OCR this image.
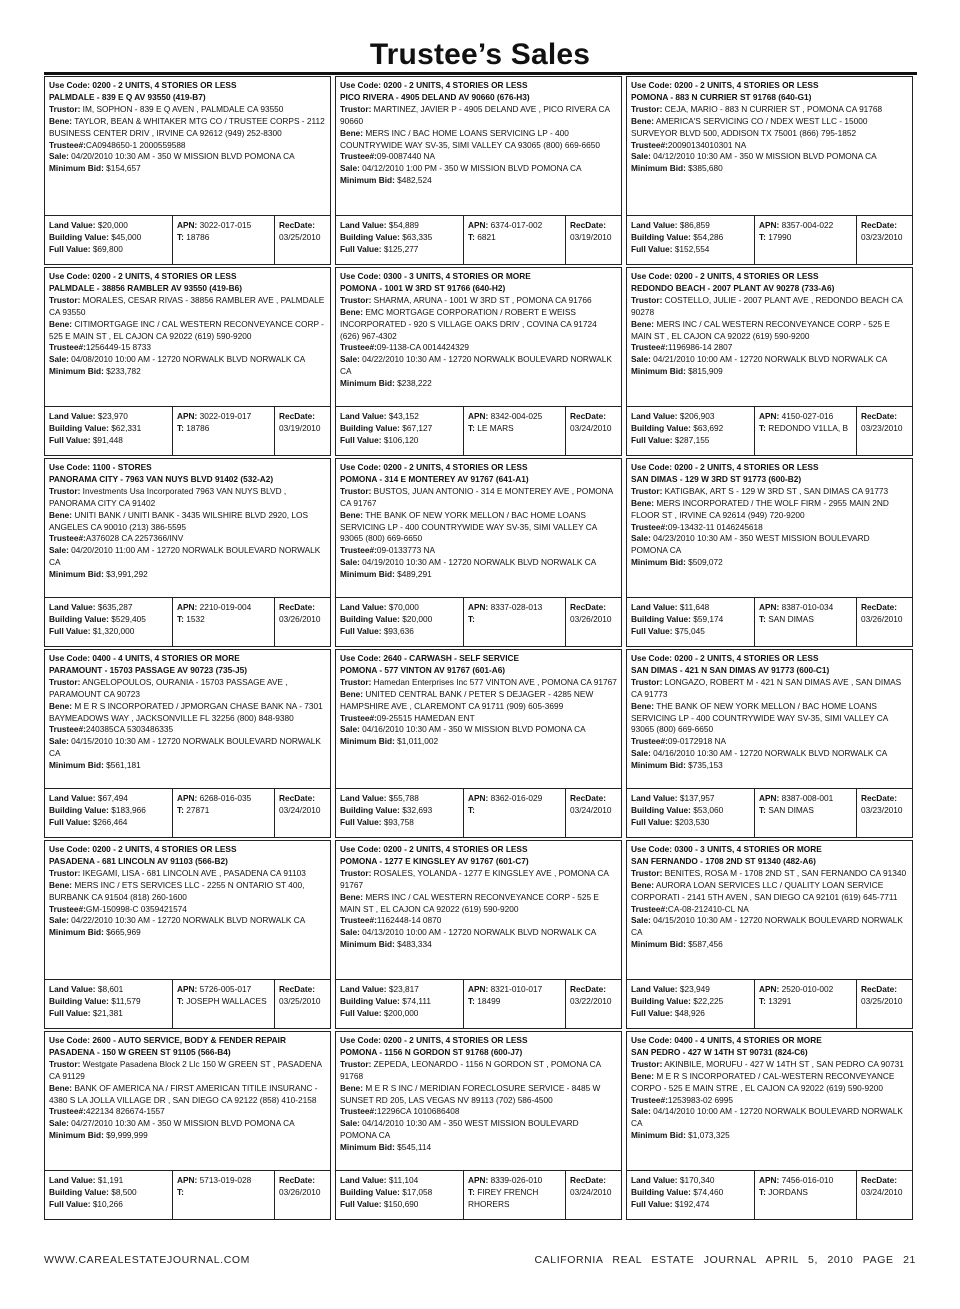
Trustee’s Sales
Use Code: 0200 - 2 UNITS, 4 STORIES OR LESS
PALMDALE - 839 E Q AV 93550 (419-B7)
Trustor: IM, SOPHON - 839 E Q AVEN , PALMDALE CA 93550
Bene: TAYLOR, BEAN & WHITAKER MTG CO / TRUSTEE CORPS - 2112 BUSINESS CENTER DRIV , IRVINE CA 92612 (949) 252-8300
Trustee#:CA0948650-1 2000559588
Sale: 04/20/2010 10:30 AM - 350 W MISSION BLVD POMONA CA
Minimum Bid: $154,657
Land Value: $20,000
Building Value: $45,000
Full Value: $69,800
APN: 3022-017-015
T: 18786
RecDate:
03/25/2010
Use Code: 0200 - 2 UNITS, 4 STORIES OR LESS
PICO RIVERA - 4905 DELAND AV 90660 (676-H3)
Trustor: MARTINEZ, JAVIER P - 4905 DELAND AVE , PICO RIVERA CA 90660
Bene: MERS INC / BAC HOME LOANS SERVICING LP - 400 COUNTRYWIDE WAY SV-35, SIMI VALLEY CA 93065 (800) 669-6650
Trustee#:09-0087440 NA
Sale: 04/12/2010 1:00 PM - 350 W MISSION BLVD POMONA CA
Minimum Bid: $482,524
Land Value: $54,889
Building Value: $63,335
Full Value: $125,277
APN: 6374-017-002
T: 6821
RecDate:
03/19/2010
Use Code: 0200 - 2 UNITS, 4 STORIES OR LESS
POMONA - 883 N CURRIER ST 91768 (640-G1)
Trustor: CEJA, MARIO - 883 N CURRIER ST , POMONA CA 91768
Bene: AMERICA'S SERVICING CO / NDEX WEST LLC - 15000 SURVEYOR BLVD 500, ADDISON TX 75001 (866) 795-1852
Trustee#:20090134010301 NA
Sale: 04/12/2010 10:30 AM - 350 W MISSION BLVD POMONA CA
Minimum Bid: $385,680
Land Value: $86,859
Building Value: $54,286
Full Value: $152,554
APN: 8357-004-022
T: 17990
RecDate:
03/23/2010
Use Code: 0200 - 2 UNITS, 4 STORIES OR LESS
PALMDALE - 38856 RAMBLER AV 93550 (419-B6)
Trustor: MORALES, CESAR RIVAS - 38856 RAMBLER AVE , PALMDALE CA 93550
Bene: CITIMORTGAGE INC / CAL WESTERN RECONVEYANCE CORP - 525 E MAIN ST , EL CAJON CA 92022 (619) 590-9200
Trustee#:1256449-15 8733
Sale: 04/08/2010 10:00 AM - 12720 NORWALK BLVD NORWALK CA
Minimum Bid: $233,782
Land Value: $23,970
Building Value: $62,331
Full Value: $91,448
APN: 3022-019-017
T: 18786
RecDate:
03/19/2010
Use Code: 0300 - 3 UNITS, 4 STORIES OR MORE
POMONA - 1001 W 3RD ST 91766 (640-H2)
Trustor: SHARMA, ARUNA - 1001 W 3RD ST , POMONA CA 91766
Bene: EMC MORTGAGE CORPORATION / ROBERT E WEISS INCORPORATED - 920 S VILLAGE OAKS DRIV , COVINA CA 91724 (626) 967-4302
Trustee#:09-1138-CA 0014424329
Sale: 04/22/2010 10:30 AM - 12720 NORWALK BOULEVARD NORWALK CA
Minimum Bid: $238,222
Land Value: $43,152
Building Value: $67,127
Full Value: $106,120
APN: 8342-004-025
T: LE MARS
RecDate:
03/24/2010
Use Code: 0200 - 2 UNITS, 4 STORIES OR LESS
REDONDO BEACH - 2007 PLANT AV 90278 (733-A6)
Trustor: COSTELLO, JULIE - 2007 PLANT AVE , REDONDO BEACH CA 90278
Bene: MERS INC / CAL WESTERN RECONVEYANCE CORP - 525 E MAIN ST , EL CAJON CA 92022 (619) 590-9200
Trustee#:1196986-14 2807
Sale: 04/21/2010 10:00 AM - 12720 NORWALK BLVD NORWALK CA
Minimum Bid: $815,909
Land Value: $206,903
Building Value: $63,692
Full Value: $287,155
APN: 4150-027-016
T: REDONDO V1LLA, B
RecDate:
03/23/2010
Use Code: 1100 - STORES
PANORAMA CITY - 7963 VAN NUYS BLVD 91402 (532-A2)
Trustor: Investments Usa Incorporated 7963 VAN NUYS BLVD , PANORAMA CITY CA 91402
Bene: UNITI BANK / UNITI BANK - 3435 WILSHIRE BLVD 2920, LOS ANGELES CA 90010 (213) 386-5595
Trustee#:A376028 CA 2257366/INV
Sale: 04/20/2010 11:00 AM - 12720 NORWALK BOULEVARD NORWALK CA
Minimum Bid: $3,991,292
Land Value: $635,287
Building Value: $529,405
Full Value: $1,320,000
APN: 2210-019-004
T: 1532
RecDate:
03/26/2010
Use Code: 0200 - 2 UNITS, 4 STORIES OR LESS
POMONA - 314 E MONTEREY AV 91767 (641-A1)
Trustor: BUSTOS, JUAN ANTONIO - 314 E MONTEREY AVE , POMONA CA 91767
Bene: THE BANK OF NEW YORK MELLON / BAC HOME LOANS SERVICING LP - 400 COUNTRYWIDE WAY SV-35, SIMI VALLEY CA 93065 (800) 669-6650
Trustee#:09-0133773 NA
Sale: 04/19/2010 10:30 AM - 12720 NORWALK BLVD NORWALK CA
Minimum Bid: $489,291
Land Value: $70,000
Building Value: $20,000
Full Value: $93,636
APN: 8337-028-013
T:
RecDate:
03/26/2010
Use Code: 0200 - 2 UNITS, 4 STORIES OR LESS
SAN DIMAS - 129 W 3RD ST 91773 (600-B2)
Trustor: KATIGBAK, ART S - 129 W 3RD ST , SAN DIMAS CA 91773
Bene: MERS INCORPORATED / THE WOLF FIRM - 2955 MAIN 2ND FLOOR ST , IRVINE CA 92614 (949) 720-9200
Trustee#:09-13432-11 0146245618
Sale: 04/23/2010 10:30 AM - 350 WEST MISSION BOULEVARD POMONA CA
Minimum Bid: $509,072
Land Value: $11,648
Building Value: $59,174
Full Value: $75,045
APN: 8387-010-034
T: SAN DIMAS
RecDate:
03/26/2010
Use Code: 0400 - 4 UNITS, 4 STORIES OR MORE
PARAMOUNT - 15703 PASSAGE AV 90723 (735-J5)
Trustor: ANGELOPOULOS, OURANIA - 15703 PASSAGE AVE , PARAMOUNT CA 90723
Bene: M E R S INCORPORATED / JPMORGAN CHASE BANK NA - 7301 BAYMEADOWS WAY , JACKSONVILLE FL 32256 (800) 848-9380
Trustee#:240385CA 5303486335
Sale: 04/15/2010 10:30 AM - 12720 NORWALK BOULEVARD NORWALK CA
Minimum Bid: $561,181
Land Value: $67,494
Building Value: $183,966
Full Value: $266,464
APN: 6268-016-035
T: 27871
RecDate:
03/24/2010
Use Code: 2640 - CARWASH - SELF SERVICE
POMONA - 577 VINTON AV 91767 (601-A6)
Trustor: Hamedan Enterprises Inc 577 VINTON AVE , POMONA CA 91767
Bene: UNITED CENTRAL BANK / PETER S DEJAGER - 4285 NEW HAMPSHIRE AVE , CLAREMONT CA 91711 (909) 605-3699
Trustee#:09-25515 HAMEDAN ENT
Sale: 04/16/2010 10:30 AM - 350 W MISSION BLVD POMONA CA
Minimum Bid: $1,011,002
Land Value: $55,788
Building Value: $32,693
Full Value: $93,758
APN: 8362-016-029
T:
RecDate:
03/24/2010
Use Code: 0200 - 2 UNITS, 4 STORIES OR LESS
SAN DIMAS - 421 N SAN DIMAS AV 91773 (600-C1)
Trustor: LONGAZO, ROBERT M - 421 N SAN DIMAS AVE , SAN DIMAS CA 91773
Bene: THE BANK OF NEW YORK MELLON / BAC HOME LOANS SERVICING LP - 400 COUNTRYWIDE WAY SV-35, SIMI VALLEY CA 93065 (800) 669-6650
Trustee#:09-0172918 NA
Sale: 04/16/2010 10:30 AM - 12720 NORWALK BLVD NORWALK CA
Minimum Bid: $735,153
Land Value: $137,957
Building Value: $53,060
Full Value: $203,530
APN: 8387-008-001
T: SAN DIMAS
RecDate:
03/23/2010
Use Code: 0200 - 2 UNITS, 4 STORIES OR LESS
PASADENA - 681 LINCOLN AV 91103 (566-B2)
Trustor: IKEGAMI, LISA - 681 LINCOLN AVE , PASADENA CA 91103
Bene: MERS INC / ETS SERVICES LLC - 2255 N ONTARIO ST 400, BURBANK CA 91504 (818) 260-1600
Trustee#:GM-150998-C 0359421574
Sale: 04/22/2010 10:30 AM - 12720 NORWALK BLVD NORWALK CA
Minimum Bid: $665,969
Land Value: $8,601
Building Value: $11,579
Full Value: $21,381
APN: 5726-005-017
T: JOSEPH WALLACES
RecDate:
03/25/2010
Use Code: 0200 - 2 UNITS, 4 STORIES OR LESS
POMONA - 1277 E KINGSLEY AV 91767 (601-C7)
Trustor: ROSALES, YOLANDA - 1277 E KINGSLEY AVE , POMONA CA 91767
Bene: MERS INC / CAL WESTERN RECONVEYANCE CORP - 525 E MAIN ST , EL CAJON CA 92022 (619) 590-9200
Trustee#:1162448-14 0870
Sale: 04/13/2010 10:00 AM - 12720 NORWALK BLVD NORWALK CA
Minimum Bid: $483,334
Land Value: $23,817
Building Value: $74,111
Full Value: $200,000
APN: 8321-010-017
T: 18499
RecDate:
03/22/2010
Use Code: 0300 - 3 UNITS, 4 STORIES OR MORE
SAN FERNANDO - 1708 2ND ST 91340 (482-A6)
Trustor: BENITES, ROSA M - 1708 2ND ST , SAN FERNANDO CA 91340
Bene: AURORA LOAN SERVICES LLC / QUALITY LOAN SERVICE CORPORATI - 2141 5TH AVEN , SAN DIEGO CA 92101 (619) 645-7711
Trustee#:CA-08-212410-CL NA
Sale: 04/15/2010 10:30 AM - 12720 NORWALK BOULEVARD NORWALK CA
Minimum Bid: $587,456
Land Value: $23,949
Building Value: $22,225
Full Value: $48,926
APN: 2520-010-002
T: 13291
RecDate:
03/25/2010
Use Code: 2600 - AUTO SERVICE, BODY & FENDER REPAIR
PASADENA - 150 W GREEN ST 91105 (566-B4)
Trustor: Westgate Pasadena Block 2 Llc 150 W GREEN ST , PASADENA CA 91129
Bene: BANK OF AMERICA NA / FIRST AMERICAN TITILE INSURANC - 4380 S LA JOLLA VILLAGE DR , SAN DIEGO CA 92122 (858) 410-2158
Trustee#:422134 826674-1557
Sale: 04/27/2010 10:30 AM - 350 W MISSION BLVD POMONA CA
Minimum Bid: $9,999,999
Land Value: $1,191
Building Value: $8,500
Full Value: $10,266
APN: 5713-019-028
T:
RecDate:
03/26/2010
Use Code: 0200 - 2 UNITS, 4 STORIES OR LESS
POMONA - 1156 N GORDON ST 91768 (600-J7)
Trustor: ZEPEDA, LEONARDO - 1156 N GORDON ST , POMONA CA 91768
Bene: M E R S INC / MERIDIAN FORECLOSURE SERVICE - 8485 W SUNSET RD 205, LAS VEGAS NV 89113 (702) 586-4500
Trustee#:12296CA 1010686408
Sale: 04/14/2010 10:30 AM - 350 WEST MISSION BOULEVARD POMONA CA
Minimum Bid: $545,114
Land Value: $11,104
Building Value: $17,058
Full Value: $150,690
APN: 8339-026-010
T: FIREY FRENCH RHORERS
RecDate:
03/24/2010
Use Code: 0400 - 4 UNITS, 4 STORIES OR MORE
SAN PEDRO - 427 W 14TH ST 90731 (824-C6)
Trustor: AKINBILE, MORUFU - 427 W 14TH ST , SAN PEDRO CA 90731
Bene: M E R S INCORPORATED / CAL-WESTERN RECONVEYANCE CORPO - 525 E MAIN STRE , EL CAJON CA 92022 (619) 590-9200
Trustee#:1253983-02 6995
Sale: 04/14/2010 10:00 AM - 12720 NORWALK BOULEVARD NORWALK CA
Minimum Bid: $1,073,325
Land Value: $170,340
Building Value: $74,460
Full Value: $192,474
APN: 7456-016-010
T: JORDANS
RecDate:
03/24/2010
WWW.CAREALESTATEJOURNAL.COM	CALIFORNIA REAL ESTATE JOURNAL APRIL 5, 2010 PAGE 21
